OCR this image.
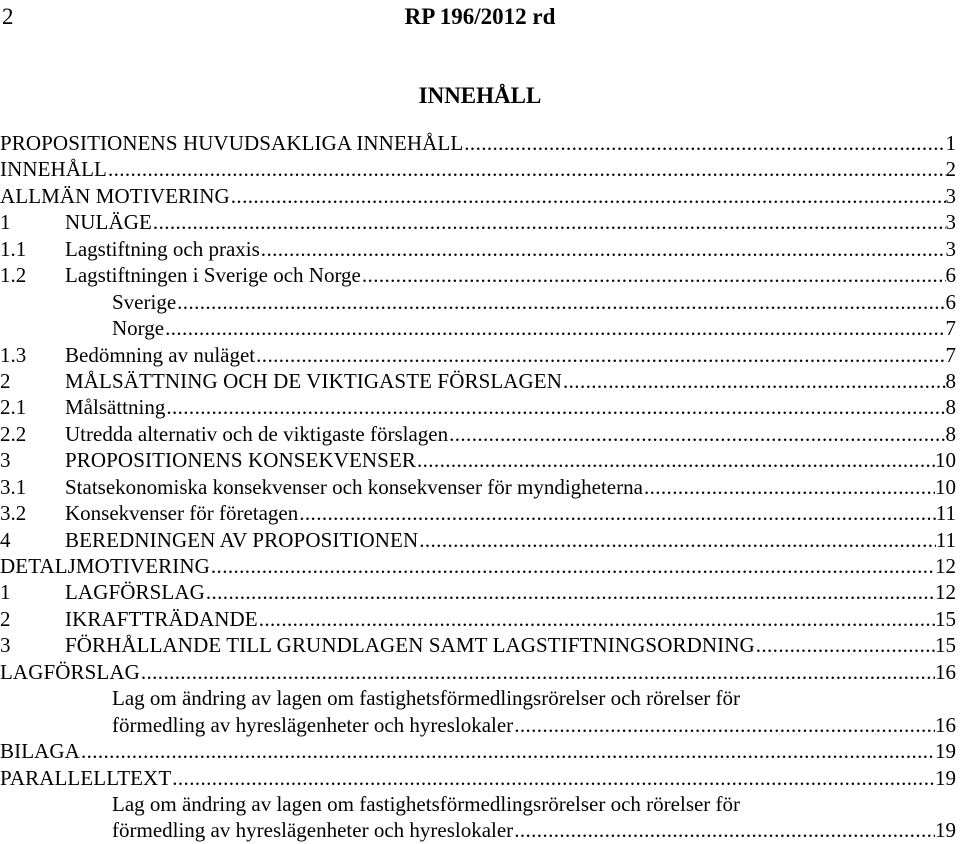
2	RP 196/2012 rd
INNEHÅLL
PROPOSITIONENS HUVUDSAKLIGA INNEHÅLL .....	1
INNEHÅLL .....	2
ALLMÄN MOTIVERING .....	3
1	NULÄGE .....	3
1.1 Lagstiftning och praxis .....	3
1.2 Lagstiftningen i Sverige och Norge .....	6
Sverige .....	6
Norge .....	7
1.3 Bedömning av nuläget .....	7
2	MÅLSÄTTNING OCH DE VIKTIGASTE FÖRSLAGEN .....	8
2.1 Målsättning .....	8
2.2 Utredda alternativ och de viktigaste förslagen .....	8
3	PROPOSITIONENS KONSEKVENSER .....	10
3.1 Statsekonomiska konsekvenser och konsekvenser för myndigheterna .....	10
3.2 Konsekvenser för företagen .....	11
4	BEREDNINGEN AV PROPOSITIONEN .....	11
DETALJMOTIVERING .....	12
1	LAGFÖRSLAG .....	12
2	IKRAFTTRÄDANDE .....	15
3	FÖRHÅLLANDE TILL GRUNDLAGEN SAMT LAGSTIFTNINGSORDNING .....	15
LAGFÖRSLAG .....	16
Lag om ändring av lagen om fastighetsförmedlingsrörelser och rörelser för
förmedling av hyreslägenheter och hyreslokaler .....	16
BILAGA .....	19
PARALLELLTEXT .....	19
Lag om ändring av lagen om fastighetsförmedlingsrörelser och rörelser för
förmedling av hyreslägenheter och hyreslokaler .....	19
